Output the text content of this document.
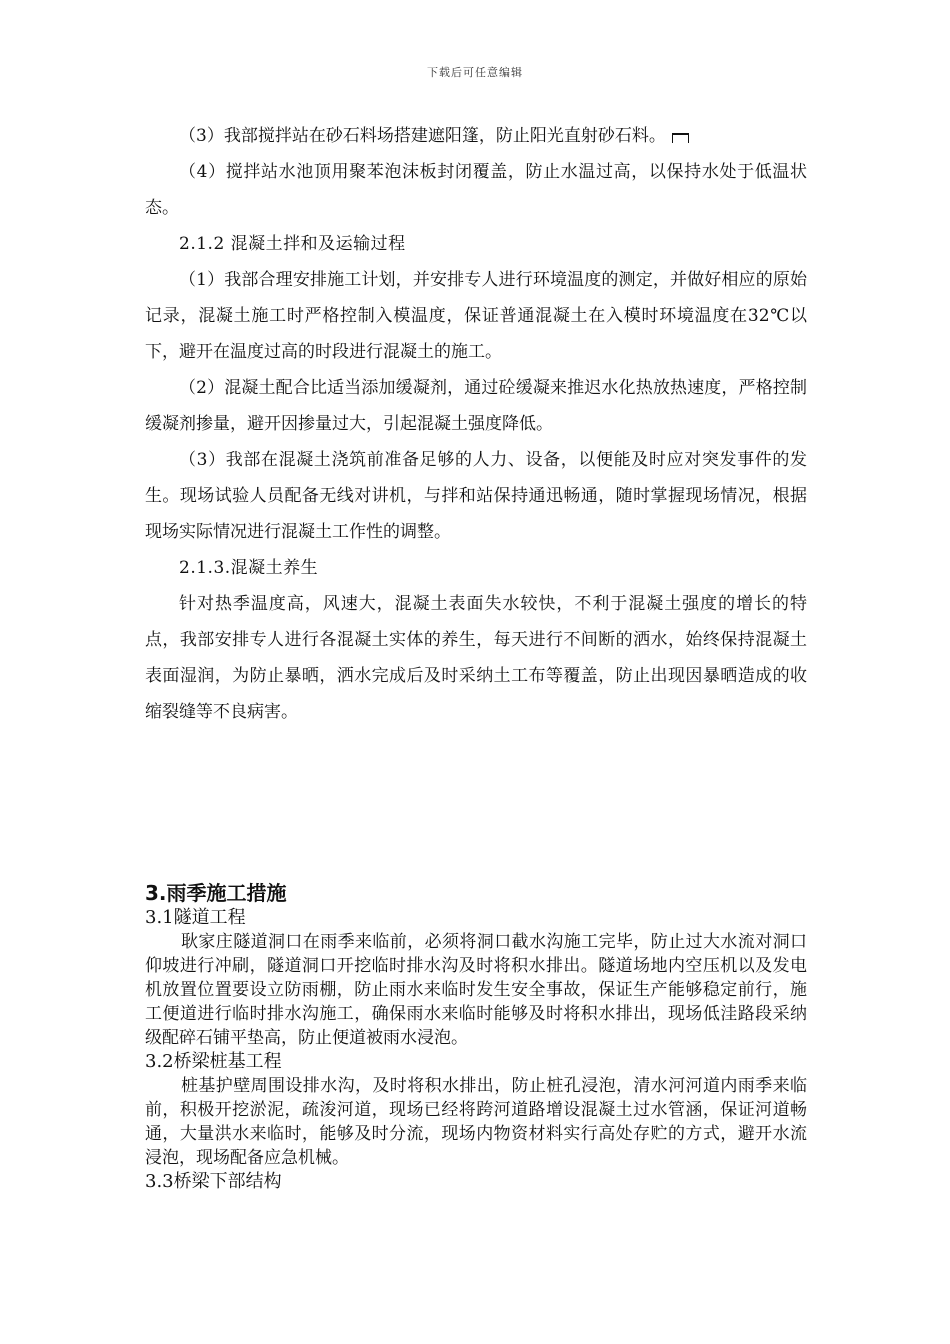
下载后可任意编辑

（3）我部搅拌站在砂石料场搭建遮阳篷，防止阳光直射砂石料。

（4）搅拌站水池顶用聚苯泡沫板封闭覆盖，防止水温过高，以保持水处于低温状态。

2.1.2 混凝土拌和及运输过程

（1）我部合理安排施工计划，并安排专人进行环境温度的测定，并做好相应的原始记录，混凝土施工时严格控制入模温度，保证普通混凝土在入模时环境温度在32℃以下，避开在温度过高的时段进行混凝土的施工。

（2）混凝土配合比适当添加缓凝剂，通过砼缓凝来推迟水化热放热速度，严格控制缓凝剂掺量，避开因掺量过大，引起混凝土强度降低。

（3）我部在混凝土浇筑前准备足够的人力、设备，以便能及时应对突发事件的发生。现场试验人员配备无线对讲机，与拌和站保持通迅畅通，随时掌握现场情况，根据现场实际情况进行混凝土工作性的调整。

2.1.3.混凝土养生

针对热季温度高，风速大，混凝土表面失水较快，不利于混凝土强度的增长的特点，我部安排专人进行各混凝土实体的养生，每天进行不间断的洒水，始终保持混凝土表面湿润，为防止暴晒，洒水完成后及时采纳土工布等覆盖，防止出现因暴晒造成的收缩裂缝等不良病害。

3.雨季施工措施

3.1隧道工程

耿家庄隧道洞口在雨季来临前，必须将洞口截水沟施工完毕，防止过大水流对洞口仰坡进行冲刷，隧道洞口开挖临时排水沟及时将积水排出。隧道场地内空压机以及发电机放置位置要设立防雨棚，防止雨水来临时发生安全事故，保证生产能够稳定前行，施工便道进行临时排水沟施工，确保雨水来临时能够及时将积水排出，现场低洼路段采纳级配碎石铺平垫高，防止便道被雨水浸泡。

3.2桥梁桩基工程

桩基护壁周围设排水沟，及时将积水排出，防止桩孔浸泡，清水河河道内雨季来临前，积极开挖淤泥，疏浚河道，现场已经将跨河道路增设混凝土过水管涵，保证河道畅通，大量洪水来临时，能够及时分流，现场内物资材料实行高处存贮的方式，避开水流浸泡，现场配备应急机械。

3.3桥梁下部结构
